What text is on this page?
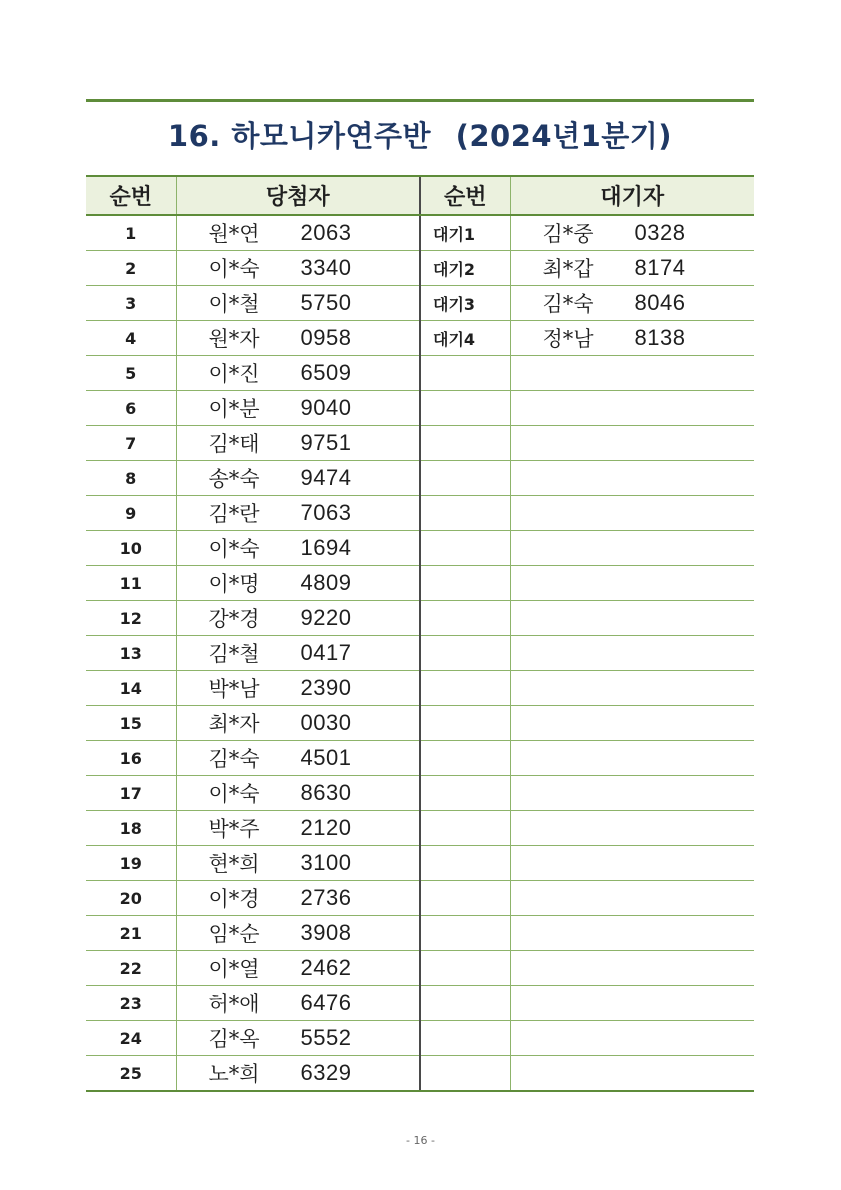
16. 하모니카연주반 (2024년1분기)
순번	당첨자	순번	대기자
1	원*연 2063	대기1	김*중 0328

2	이*숙 3340	대기2	최*갑 8174

3	이*철 5750	대기3	김*숙 8046

4	원*자 0958	대기4	정*남 8138

5	이*진 6509		

6	이*분 9040		

7	김*태 9751		

8	송*숙 9474		

9	김*란 7063		

10	이*숙 1694		

11	이*명 4809		

12	강*경 9220		

13	김*철 0417		

14	박*남 2390		

15	최*자 0030		

16	김*숙 4501		

17	이*숙 8630		

18	박*주 2120		

19	현*희 3100		

20	이*경 2736		

21	임*순 3908		

22	이*열 2462		

23	허*애 6476		

24	김*옥 5552		

25	노*희 6329		

- 16 -
